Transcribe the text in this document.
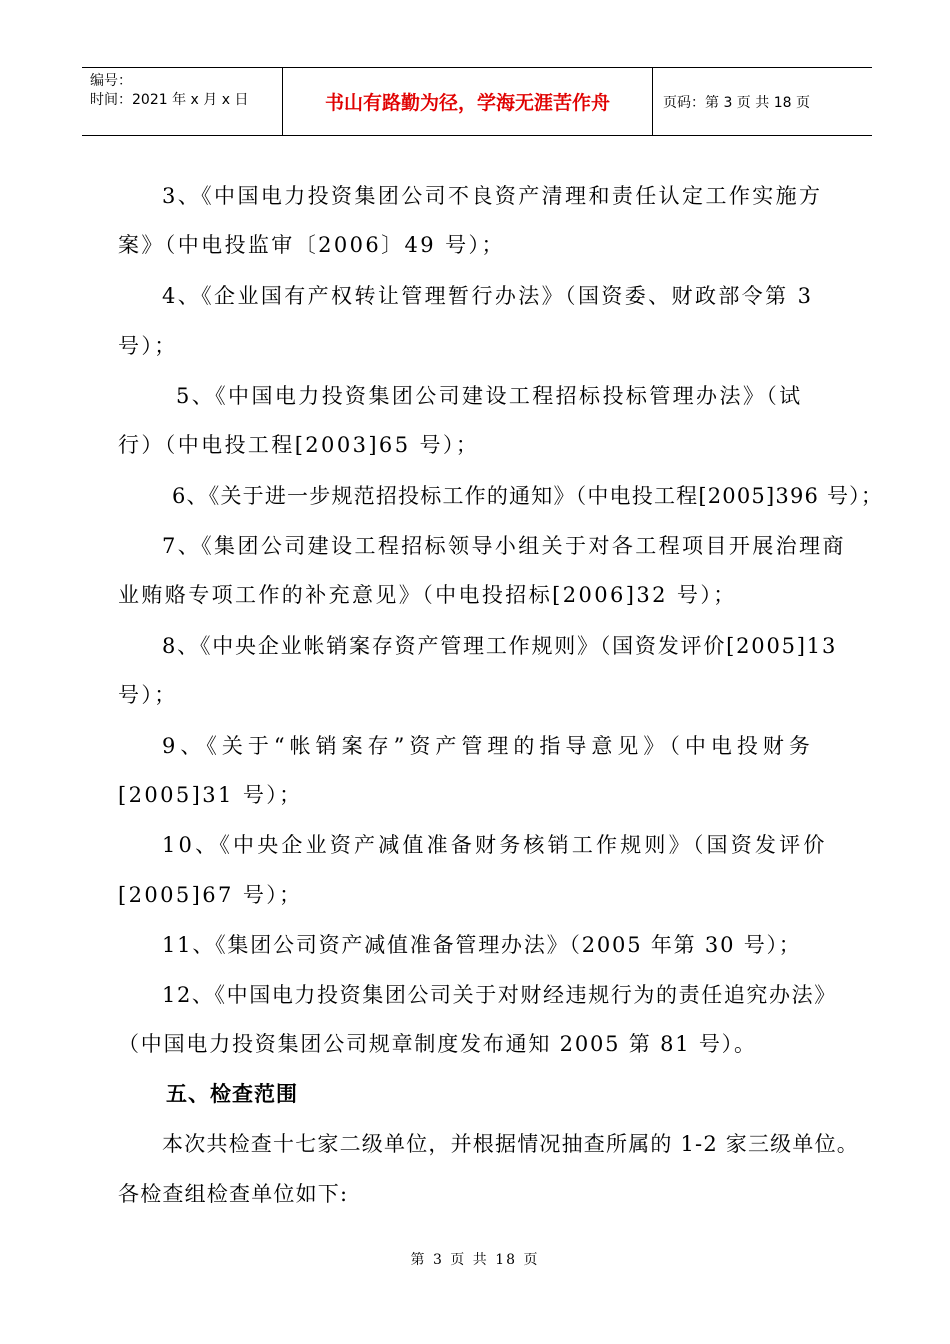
编号：
时间：2021 年 x 月 x 日	书山有路勤为径，学海无涯苦作舟	页码：第 3 页 共 18 页
3、《中国电力投资集团公司不良资产清理和责任认定工作实施方
案》（中电投监审〔2006〕49 号）；
4、《企业国有产权转让管理暂行办法》（国资委、财政部令第 3
号）；
5、《中国电力投资集团公司建设工程招标投标管理办法》（试
行）（中电投工程[2003]65 号）；
6、《关于进一步规范招投标工作的通知》（中电投工程[2005]396 号）；
7、《集团公司建设工程招标领导小组关于对各工程项目开展治理商
业贿赂专项工作的补充意见》（中电投招标[2006]32 号）；
8、《中央企业帐销案存资产管理工作规则》（国资发评价[2005]13
号）；
9、《关于“帐销案存”资产管理的指导意见》（中电投财务
[2005]31 号）；
10、《中央企业资产减值准备财务核销工作规则》（国资发评价
[2005]67 号）；
11、《集团公司资产减值准备管理办法》（2005 年第 30 号）；
12、《中国电力投资集团公司关于对财经违规行为的责任追究办法》
（中国电力投资集团公司规章制度发布通知 2005 第 81 号）。
五、检查范围
本次共检查十七家二级单位，并根据情况抽查所属的 1-2 家三级单位。
各检查组检查单位如下:
第 3 页 共 18 页
